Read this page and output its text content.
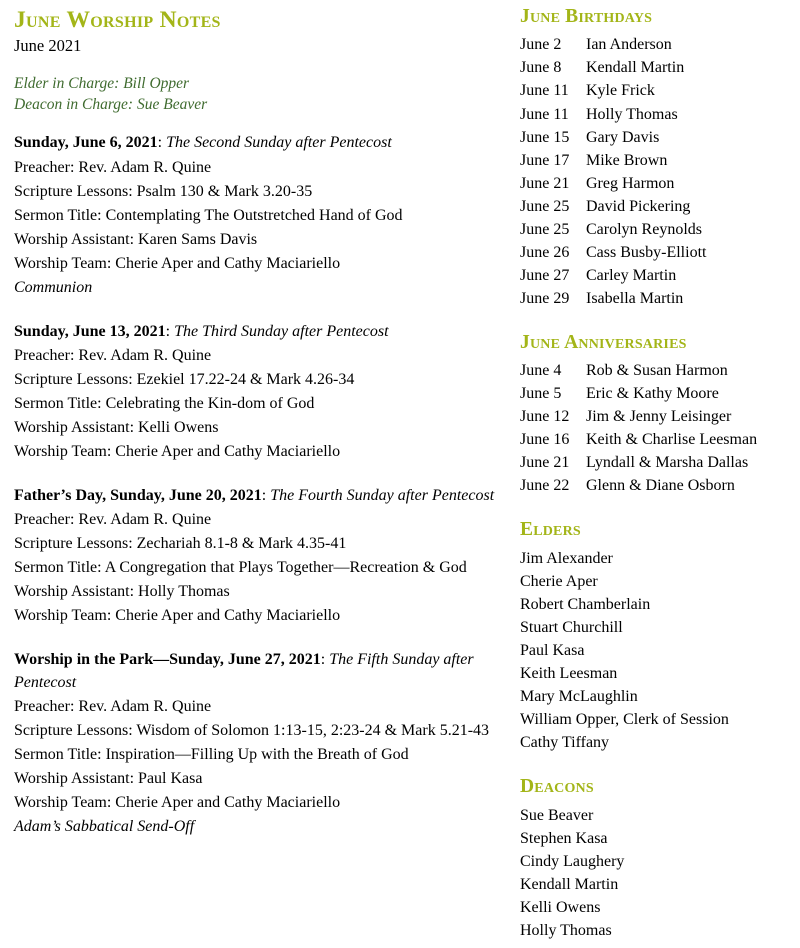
June Worship Notes
June 2021
Elder in Charge: Bill Opper
Deacon in Charge: Sue Beaver
Sunday, June 6, 2021: The Second Sunday after Pentecost
Preacher: Rev. Adam R. Quine
Scripture Lessons: Psalm 130 & Mark 3.20-35
Sermon Title: Contemplating The Outstretched Hand of God
Worship Assistant: Karen Sams Davis
Worship Team: Cherie Aper and Cathy Maciariello
Communion
Sunday, June 13, 2021: The Third Sunday after Pentecost
Preacher: Rev. Adam R. Quine
Scripture Lessons: Ezekiel 17.22-24 & Mark 4.26-34
Sermon Title: Celebrating the Kin-dom of God
Worship Assistant: Kelli Owens
Worship Team: Cherie Aper and Cathy Maciariello
Father’s Day, Sunday, June 20, 2021: The Fourth Sunday after Pentecost
Preacher: Rev. Adam R. Quine
Scripture Lessons: Zechariah 8.1-8 & Mark 4.35-41
Sermon Title: A Congregation that Plays Together—Recreation & God
Worship Assistant: Holly Thomas
Worship Team: Cherie Aper and Cathy Maciariello
Worship in the Park—Sunday, June 27, 2021: The Fifth Sunday after Pentecost
Preacher: Rev. Adam R. Quine
Scripture Lessons: Wisdom of Solomon 1:13-15, 2:23-24 & Mark 5.21-43
Sermon Title: Inspiration—Filling Up with the Breath of God
Worship Assistant: Paul Kasa
Worship Team: Cherie Aper and Cathy Maciariello
Adam’s Sabbatical Send-Off
June Birthdays
June 2	Ian Anderson
June 8	Kendall Martin
June 11	Kyle Frick
June 11	Holly Thomas
June 15	Gary Davis
June 17	Mike Brown
June 21	Greg Harmon
June 25	David Pickering
June 25	Carolyn Reynolds
June 26	Cass Busby-Elliott
June 27	Carley Martin
June 29	Isabella Martin
June Anniversaries
June 4	Rob & Susan Harmon
June 5	Eric & Kathy Moore
June 12	Jim & Jenny Leisinger
June 16	Keith & Charlise Leesman
June 21	Lyndall & Marsha Dallas
June 22	Glenn & Diane Osborn
Elders
Jim Alexander
Cherie Aper
Robert Chamberlain
Stuart Churchill
Paul Kasa
Keith Leesman
Mary McLaughlin
William Opper, Clerk of Session
Cathy Tiffany
Deacons
Sue Beaver
Stephen Kasa
Cindy Laughery
Kendall Martin
Kelli Owens
Holly Thomas
